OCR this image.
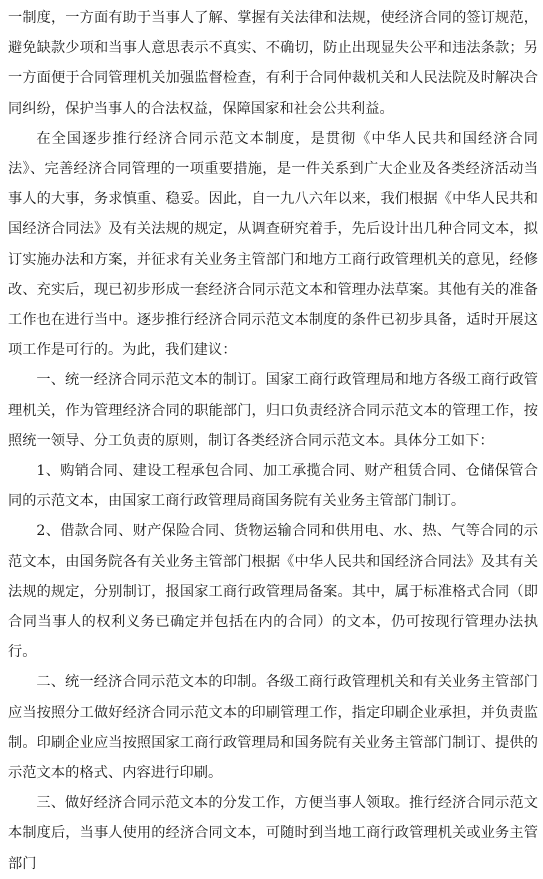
一制度，一方面有助于当事人了解、掌握有关法律和法规，使经济合同的签订规范，避免缺款少项和当事人意思表示不真实、不确切，防止出现显失公平和违法条款；另一方面便于合同管理机关加强监督检查，有利于合同仲裁机关和人民法院及时解决合同纠纷，保护当事人的合法权益，保障国家和社会公共利益。

在全国逐步推行经济合同示范文本制度，是贯彻《中华人民共和国经济合同法》、完善经济合同管理的一项重要措施，是一件关系到广大企业及各类经济活动当事人的大事，务求慎重、稳妥。因此，自一九八六年以来，我们根据《中华人民共和国经济合同法》及有关法规的规定，从调查研究着手，先后设计出几种合同文本，拟订实施办法和方案，并征求有关业务主管部门和地方工商行政管理机关的意见，经修改、充实后，现已初步形成一套经济合同示范文本和管理办法草案。其他有关的准备工作也在进行当中。逐步推行经济合同示范文本制度的条件已初步具备，适时开展这项工作是可行的。为此，我们建议：

一、统一经济合同示范文本的制订。国家工商行政管理局和地方各级工商行政管理机关，作为管理经济合同的职能部门，归口负责经济合同示范文本的管理工作，按照统一领导、分工负责的原则，制订各类经济合同示范文本。具体分工如下：

1、购销合同、建设工程承包合同、加工承揽合同、财产租赁合同、仓储保管合同的示范文本，由国家工商行政管理局商国务院有关业务主管部门制订。

2、借款合同、财产保险合同、货物运输合同和供用电、水、热、气等合同的示范文本，由国务院各有关业务主管部门根据《中华人民共和国经济合同法》及其有关法规的规定，分别制订，报国家工商行政管理局备案。其中，属于标准格式合同（即合同当事人的权利义务已确定并包括在内的合同）的文本，仍可按现行管理办法执行。

二、统一经济合同示范文本的印制。各级工商行政管理机关和有关业务主管部门应当按照分工做好经济合同示范文本的印刷管理工作，指定印刷企业承担，并负责监制。印刷企业应当按照国家工商行政管理局和国务院有关业务主管部门制订、提供的示范文本的格式、内容进行印刷。

三、做好经济合同示范文本的分发工作，方便当事人领取。推行经济合同示范文本制度后，当事人使用的经济合同文本，可随时到当地工商行政管理机关或业务主管部门
